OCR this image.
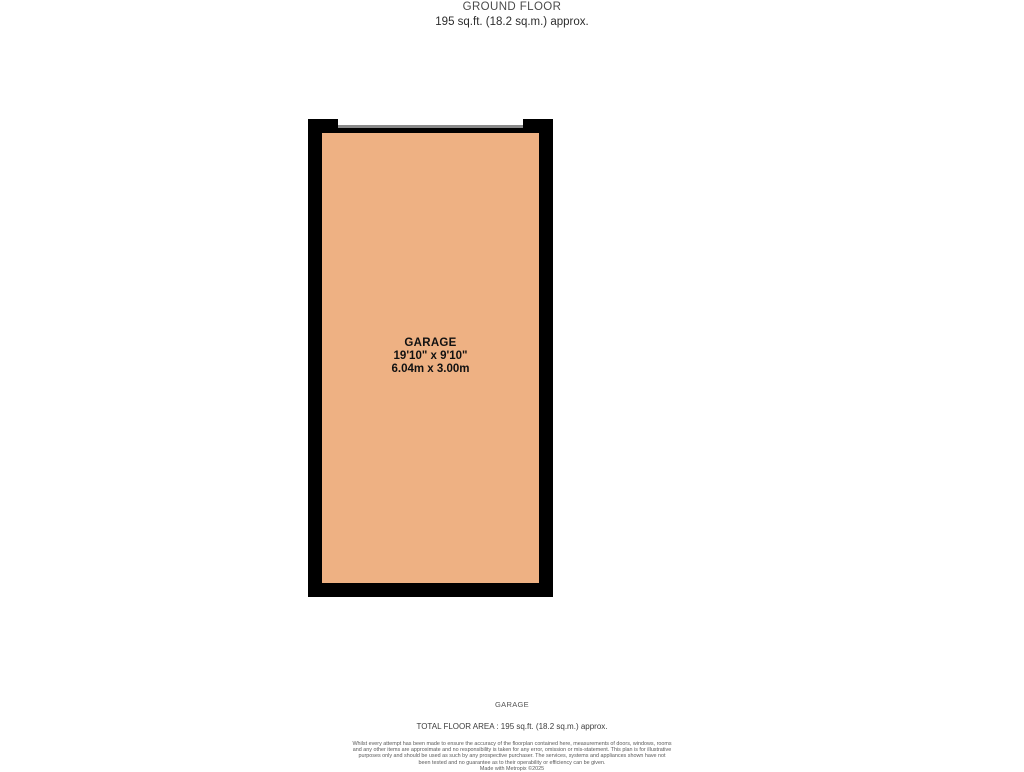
GROUND FLOOR
195 sq.ft. (18.2 sq.m.) approx.
GARAGE
19'10" x 9'10"
6.04m x 3.00m
GARAGE
TOTAL FLOOR AREA : 195 sq.ft. (18.2 sq.m.) approx.
Whilst every attempt has been made to ensure the accuracy of the floorplan contained here, measurements of doors, windows, rooms and any other items are approximate and no responsibility is taken for any error, omission or mis-statement. This plan is for illustrative purposes only and should be used as such by any prospective purchaser. The services, systems and appliances shown have not been tested and no guarantee as to their operability or efficiency can be given.
Made with Metropix ©2025
